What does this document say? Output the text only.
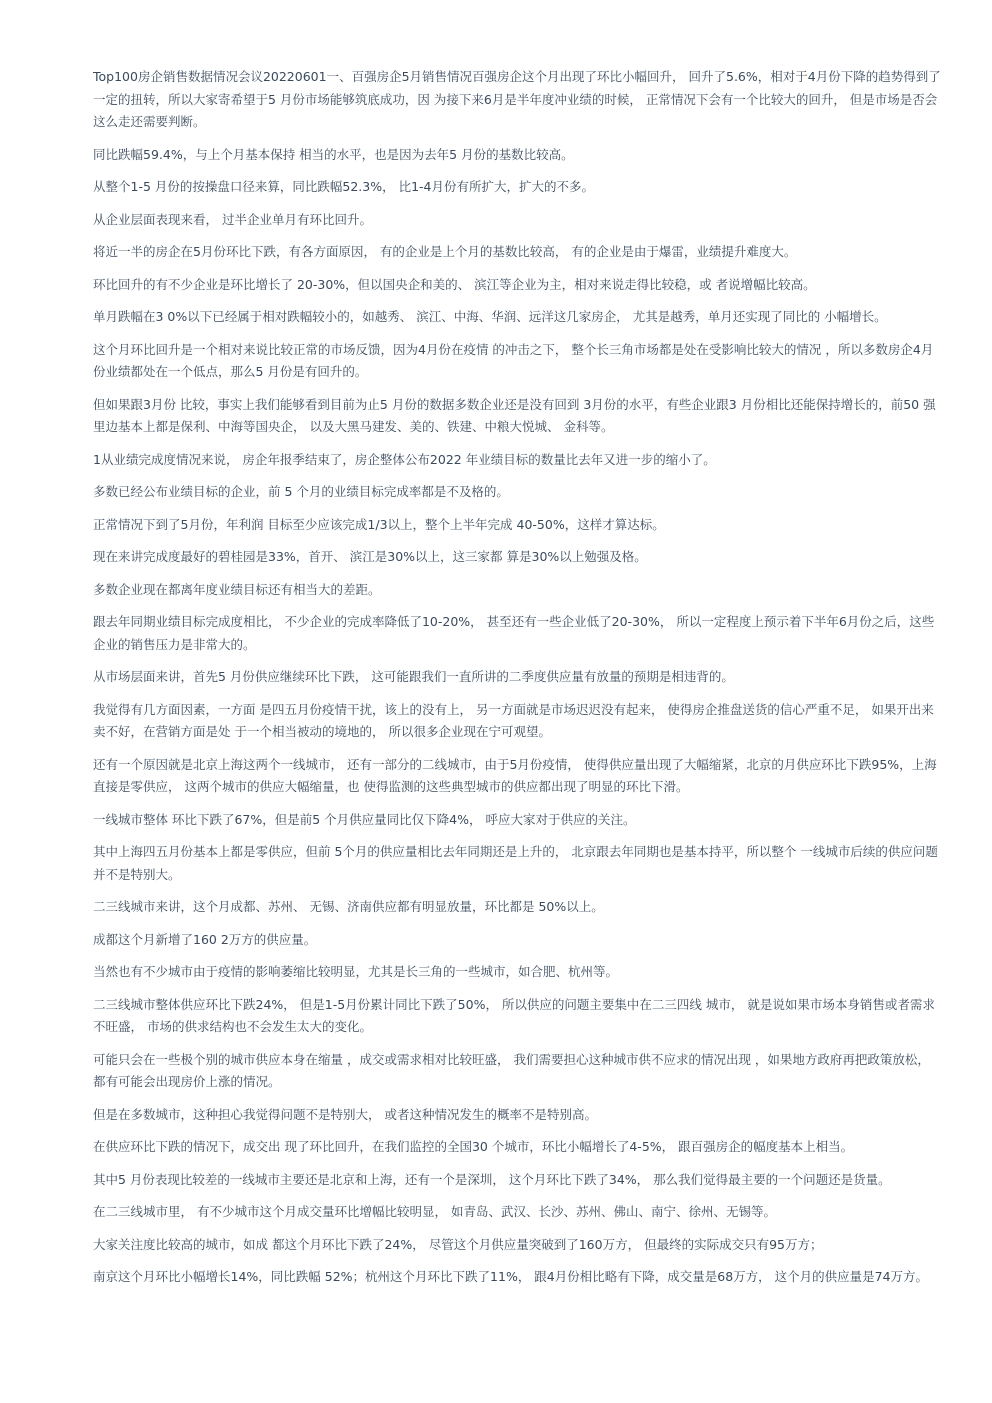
Top100房企销售数据情况会议20220601一、百强房企5月销售情况百强房企这个月出现了环比小幅回升， 回升了5.6%，相对于4月份下降的趋势得到了一定的扭转，所以大家寄希望于5 月份市场能够筑底成功，因 为接下来6月是半年度冲业绩的时候， 正常情况下会有一个比较大的回升， 但是市场是否会这么走还需要判断。

同比跌幅59.4%，与上个月基本保持 相当的水平，也是因为去年5 月份的基数比较高。

从整个1-5 月份的按操盘口径来算，同比跌幅52.3%， 比1-4月份有所扩大，扩大的不多。

从企业层面表现来看， 过半企业单月有环比回升。

将近一半的房企在5月份环比下跌，有各方面原因， 有的企业是上个月的基数比较高， 有的企业是由于爆雷，业绩提升难度大。

环比回升的有不少企业是环比增长了 20-30%，但以国央企和美的、 滨江等企业为主，相对来说走得比较稳，或 者说增幅比较高。

单月跌幅在3 0%以下已经属于相对跌幅较小的，如越秀、 滨江、中海、华润、远洋这几家房企， 尤其是越秀，单月还实现了同比的 小幅增长。

这个月环比回升是一个相对来说比较正常的市场反馈，因为4月份在疫情 的冲击之下， 整个长三角市场都是处在受影响比较大的情况 ，所以多数房企4月份业绩都处在一个低点，那么5 月份是有回升的。

但如果跟3月份 比较，事实上我们能够看到目前为止5 月份的数据多数企业还是没有回到 3月份的水平，有些企业跟3 月份相比还能保持增长的，前50 强里边基本上都是保利、中海等国央企， 以及大黑马建发、美的、铁建、中粮大悦城、 金科等。

1从业绩完成度情况来说， 房企年报季结束了，房企整体公布2022 年业绩目标的数量比去年又进一步的缩小了。

多数已经公布业绩目标的企业，前 5 个月的业绩目标完成率都是不及格的。

正常情况下到了5月份，年利润 目标至少应该完成1/3以上，整个上半年完成 40-50%，这样才算达标。

现在来讲完成度最好的碧桂园是33%，首开、 滨江是30%以上，这三家都 算是30%以上勉强及格。

多数企业现在都离年度业绩目标还有相当大的差距。

跟去年同期业绩目标完成度相比， 不少企业的完成率降低了10-20%， 甚至还有一些企业低了20-30%， 所以一定程度上预示着下半年6月份之后，这些企业的销售压力是非常大的。

从市场层面来讲，首先5 月份供应继续环比下跌， 这可能跟我们一直所讲的二季度供应量有放量的预期是相违背的。

我觉得有几方面因素，一方面 是四五月份疫情干扰，该上的没有上， 另一方面就是市场迟迟没有起来， 使得房企推盘送货的信心严重不足， 如果开出来卖不好，在营销方面是处 于一个相当被动的境地的， 所以很多企业现在宁可观望。

还有一个原因就是北京上海这两个一线城市， 还有一部分的二线城市，由于5月份疫情， 使得供应量出现了大幅缩紧，北京的月供应环比下跌95%，上海直接是零供应， 这两个城市的供应大幅缩量，也 使得监测的这些典型城市的供应都出现了明显的环比下滑。

一线城市整体 环比下跌了67%，但是前5 个月供应量同比仅下降4%， 呼应大家对于供应的关注。

其中上海四五月份基本上都是零供应，但前 5个月的供应量相比去年同期还是上升的， 北京跟去年同期也是基本持平，所以整个 一线城市后续的供应问题并不是特别大。

二三线城市来讲，这个月成都、苏州、 无锡、济南供应都有明显放量，环比都是 50%以上。

成都这个月新增了160 2万方的供应量。

当然也有不少城市由于疫情的影响萎缩比较明显，尤其是长三角的一些城市，如合肥、杭州等。

二三线城市整体供应环比下跌24%， 但是1-5月份累计同比下跌了50%， 所以供应的问题主要集中在二三四线 城市， 就是说如果市场本身销售或者需求不旺盛， 市场的供求结构也不会发生太大的变化。

可能只会在一些极个别的城市供应本身在缩量 ，成交或需求相对比较旺盛， 我们需要担心这种城市供不应求的情况出现 ，如果地方政府再把政策放松， 都有可能会出现房价上涨的情况。

但是在多数城市，这种担心我觉得问题不是特别大， 或者这种情况发生的概率不是特别高。

在供应环比下跌的情况下，成交出 现了环比回升，在我们监控的全国30 个城市，环比小幅增长了4-5%， 跟百强房企的幅度基本上相当。

其中5 月份表现比较差的一线城市主要还是北京和上海，还有一个是深圳， 这个月环比下跌了34%， 那么我们觉得最主要的一个问题还是货量。

在二三线城市里， 有不少城市这个月成交量环比增幅比较明显， 如青岛、武汉、长沙、苏州、佛山、南宁、徐州、无锡等。

大家关注度比较高的城市，如成 都这个月环比下跌了24%， 尽管这个月供应量突破到了160万方， 但最终的实际成交只有95万方；

南京这个月环比小幅增长14%，同比跌幅 52%；杭州这个月环比下跌了11%， 跟4月份相比略有下降，成交量是68万方， 这个月的供应量是74万方。
